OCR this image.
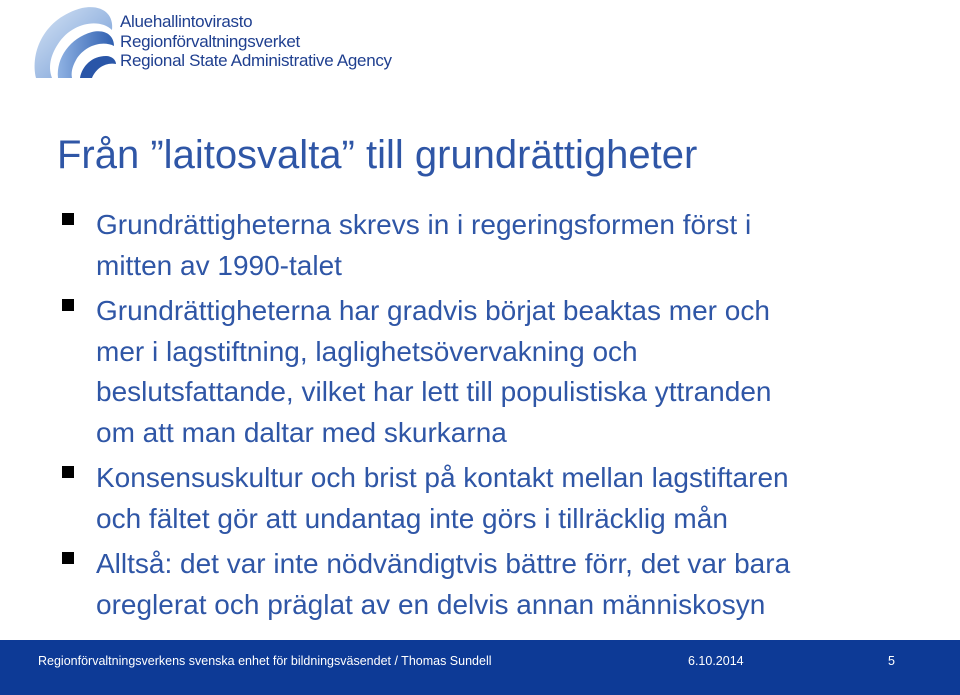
Aluehallintovirasto
Regionförvaltningsverket
Regional State Administrative Agency
Från ”laitosvalta” till grundrättigheter
Grundrättigheterna skrevs in i regeringsformen först i
mitten av 1990-talet
Grundrättigheterna har gradvis börjat beaktas mer och
mer i lagstiftning, laglighetsövervakning och
beslutsfattande, vilket har lett till populistiska yttranden
om att man daltar med skurkarna
Konsensuskultur och brist på kontakt mellan lagstiftaren
och fältet gör att undantag inte görs i tillräcklig mån
Alltså: det var inte nödvändigtvis bättre förr, det var bara
oreglerat och präglat av en delvis annan människosyn
Regionförvaltningsverkens svenska enhet för bildningsväsendet / Thomas Sundell	6.10.2014	5
